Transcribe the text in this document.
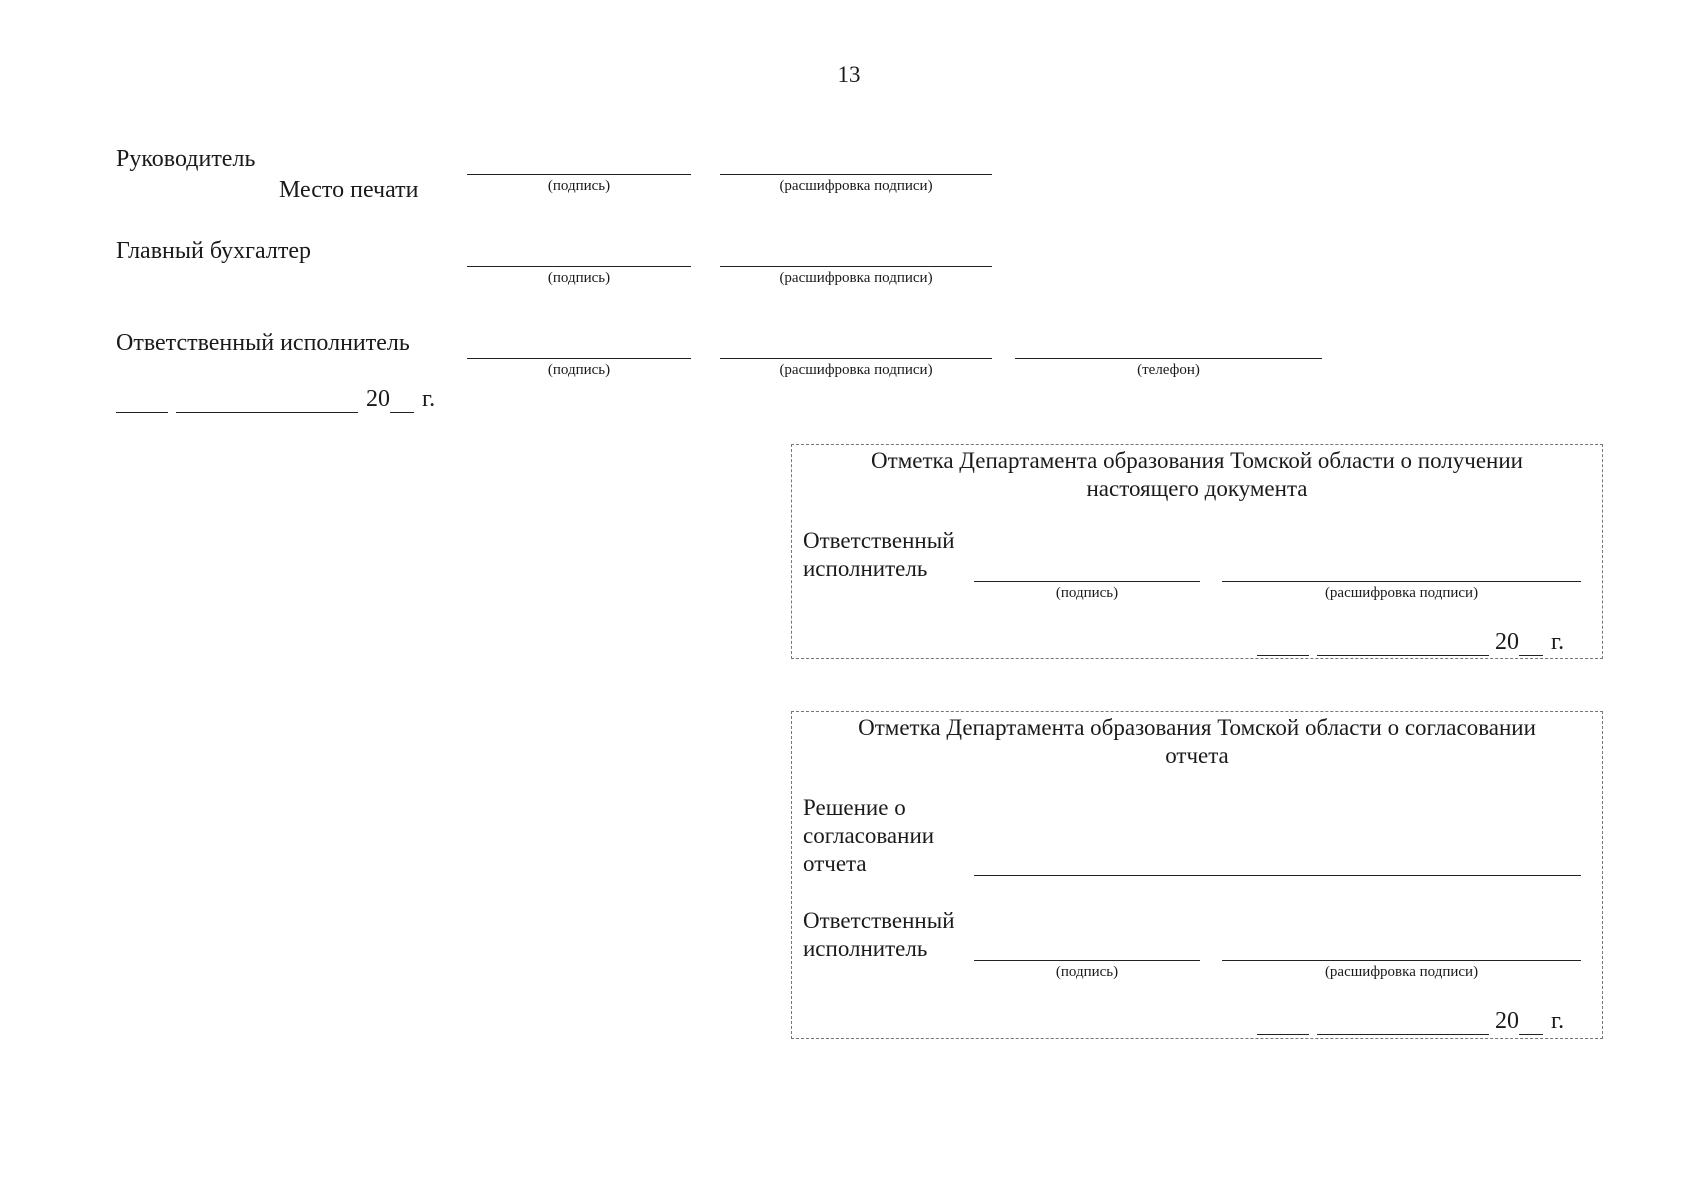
13
Руководитель
Место печати	(подпись)	(расшифровка подписи)
Главный бухгалтер
(подпись)	(расшифровка подписи)
Ответственный исполнитель
(подпись)	(расшифровка подписи)	(телефон)
20 г.
Отметка Департамента образования Томской области о получении настоящего документа
Ответственный исполнитель
(подпись)	(расшифровка подписи)
20 г.
Отметка Департамента образования Томской области о согласовании отчета
Решение о согласовании отчета
Ответственный исполнитель
(подпись)	(расшифровка подписи)
20 г.
